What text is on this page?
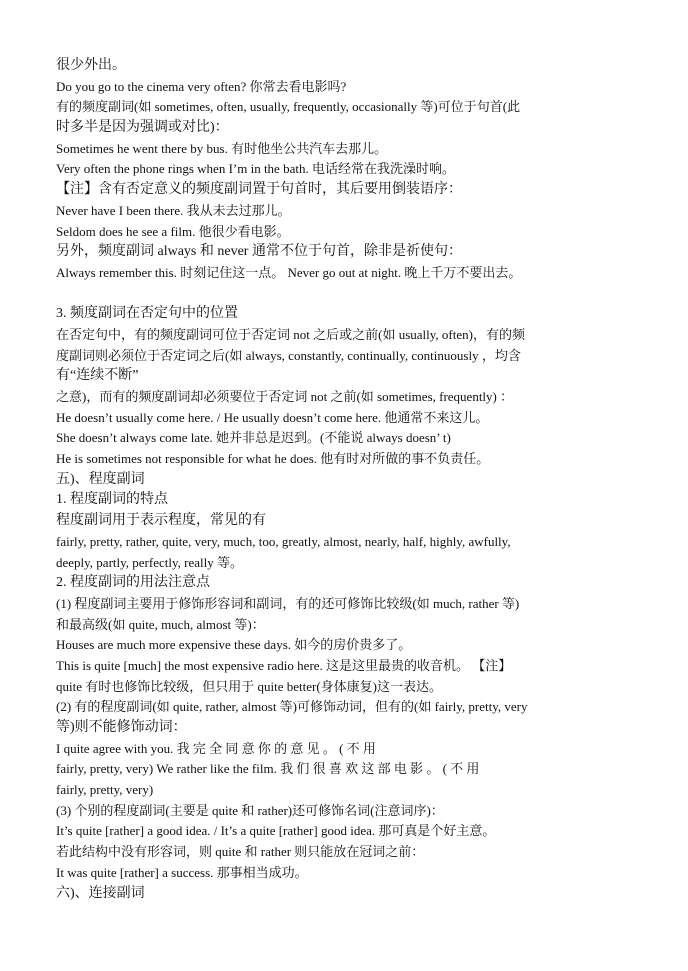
很少外出。
Do you go to the cinema very often? 你常去看电影吗?
有的频度副词(如 sometimes, often, usually, frequently, occasionally 等)可位于句首(此
时多半是因为强调或对比)：
Sometimes he went there by bus. 有时他坐公共汽车去那儿。
Very often the phone rings when I’m in the bath. 电话经常在我洗澡时响。
【注】含有否定意义的频度副词置于句首时，其后要用倒装语序：
Never have I been there. 我从未去过那儿。
Seldom does he see a film. 他很少看电影。
另外，频度副词 always 和 never 通常不位于句首，除非是祈使句：
Always remember this. 时刻记住这一点。 Never go out at night. 晚上千万不要出去。
3. 频度副词在否定句中的位置
在否定句中，有的频度副词可位于否定词 not 之后或之前(如 usually, often)，有的频
度副词则必须位于否定词之后(如 always, constantly, continually, continuously ，均含
有“连续不断”
之意)，而有的频度副词却必须要位于否定词 not 之前(如 sometimes, frequently) ：
He doesn’t usually come here. / He usually doesn’t come here. 他通常不来这儿。
She doesn’t always come late. 她并非总是迟到。(不能说 always doesn’ t)
He is sometimes not responsible for what he does. 他有时对所做的事不负责任。
五)、程度副词
1. 程度副词的特点
程度副词用于表示程度，常见的有
fairly, pretty, rather, quite, very, much, too, greatly, almost, nearly, half, highly, awfully,
deeply, partly, perfectly, really 等。
2. 程度副词的用法注意点
(1) 程度副词主要用于修饰形容词和副词，有的还可修饰比较级(如 much, rather 等)
和最高级(如 quite, much, almost 等)：
Houses are much more expensive these days. 如今的房价贵多了。
This is quite [much] the most expensive radio here. 这是这里最贵的收音机。 【注】
quite 有时也修饰比较级，但只用于 quite better(身体康复)这一表达。
(2) 有的程度副词(如 quite, rather, almost 等)可修饰动词，但有的(如 fairly, pretty, very
等)则不能修饰动词：
I quite agree with you. 我 完 全 同 意 你 的 意 见 。 ( 不 用
fairly, pretty, very) We rather like the film. 我 们 很 喜 欢 这 部 电 影 。 ( 不 用
fairly, pretty, very)
(3) 个别的程度副词(主要是 quite 和 rather)还可修饰名词(注意词序)：
It’s quite [rather] a good idea. / It’s a quite [rather] good idea. 那可真是个好主意。
若此结构中没有形容词，则 quite 和 rather 则只能放在冠词之前：
It was quite [rather] a success. 那事相当成功。
六)、连接副词
